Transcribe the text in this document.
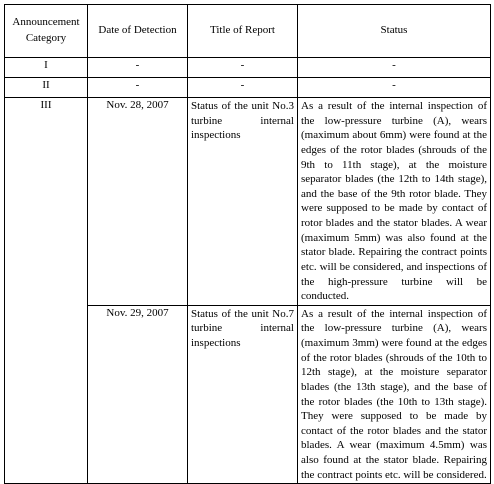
Announcement Category	Date of Detection	Title of Report	Status
I	-	-	-
II	-	-	-
III	Nov. 28, 2007	Status of the unit No.3 turbine internal inspections	As a result of the internal inspection of the low-pressure turbine (A), wears (maximum about 6mm) were found at the edges of the rotor blades (shrouds of the 9th to 11th stage), at the moisture separator blades (the 12th to 14th stage), and the base of the 9th rotor blade. They were supposed to be made by contact of rotor blades and the stator blades. A wear (maximum 5mm) was also found at the stator blade. Repairing the contract points etc. will be considered, and inspections of the high-pressure turbine will be conducted.
	Nov. 29, 2007	Status of the unit No.7 turbine internal inspections	As a result of the internal inspection of the low-pressure turbine (A), wears (maximum 3mm) were found at the edges of the rotor blades (shrouds of the 10th to 12th stage), at the moisture separator blades (the 13th stage), and the base of the rotor blades (the 10th to 13th stage). They were supposed to be made by contact of the rotor blades and the stator blades. A wear (maximum 4.5mm) was also found at the stator blade. Repairing the contract points etc. will be considered.
